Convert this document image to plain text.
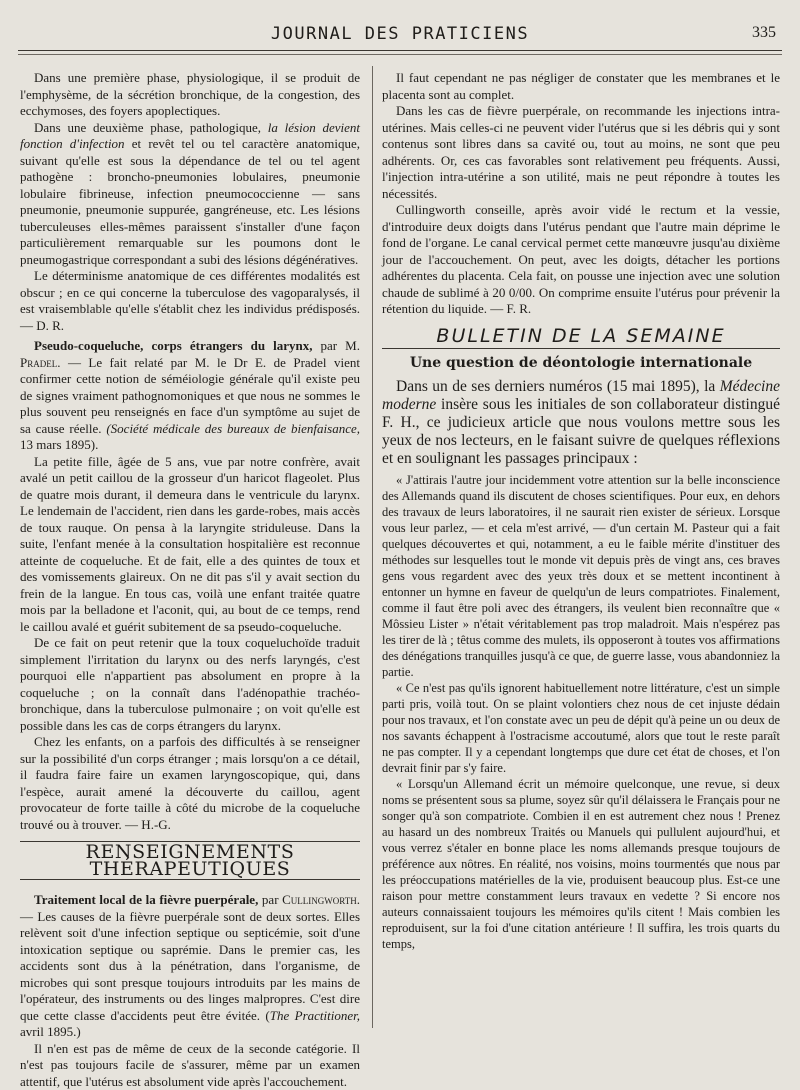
JOURNAL DES PRATICIENS	335

Dans une première phase, physiologique, il se produit de l'emphysème, de la sécrétion bronchique, de la congestion, des ecchymoses, des foyers apoplectiques.

Dans une deuxième phase, pathologique, la lésion devient fonction d'infection et revêt tel ou tel caractère anatomique, suivant qu'elle est sous la dépendance de tel ou tel agent pathogène : broncho-pneumonies lobulaires, pneumonie lobulaire fibrineuse, infection pneumococcienne — sans pneumonie, pneumonie suppurée, gangréneuse, etc. Les lésions tuberculeuses elles-mêmes paraissent s'installer d'une façon particulièrement remarquable sur les poumons dont le pneumogastrique correspondant a subi des lésions dégénératives.

Le déterminisme anatomique de ces différentes modalités est obscur ; en ce qui concerne la tuberculose des vagoparalysés, il est vraisemblable qu'elle s'établit chez les individus prédisposés. — D. R.

Pseudo-coqueluche, corps étrangers du larynx, par M. Pradel. — Le fait relaté par M. le Dr E. de Pradel vient confirmer cette notion de séméiologie générale qu'il existe peu de signes vraiment pathognomoniques et que nous ne sommes le plus souvent peu renseignés en face d'un symptôme au sujet de sa cause réelle. (Société médicale des bureaux de bienfaisance, 13 mars 1895).

La petite fille, âgée de 5 ans, vue par notre confrère, avait avalé un petit caillou de la grosseur d'un haricot flageolet. Plus de quatre mois durant, il demeura dans le ventricule du larynx. Le lendemain de l'accident, rien dans les garde-robes, mais accès de toux rauque. On pensa à la laryngite striduleuse. Dans la suite, l'enfant menée à la consultation hospitalière est reconnue atteinte de coqueluche. Et de fait, elle a des quintes de toux et des vomissements glaireux. On ne dit pas s'il y avait section du frein de la langue. En tous cas, voilà une enfant traitée quatre mois par la belladone et l'aconit, qui, au bout de ce temps, rend le caillou avalé et guérit subitement de sa pseudo-coqueluche.

De ce fait on peut retenir que la toux coqueluchoïde traduit simplement l'irritation du larynx ou des nerfs laryngés, c'est pourquoi elle n'appartient pas absolument en propre à la coqueluche ; on la connaît dans l'adénopathie trachéo-bronchique, dans la tuberculose pulmonaire ; on voit qu'elle est possible dans les cas de corps étrangers du larynx.

Chez les enfants, on a parfois des difficultés à se renseigner sur la possibilité d'un corps étranger ; mais lorsqu'on a ce détail, il faudra faire faire un examen laryngoscopique, qui, dans l'espèce, aurait amené la découverte du caillou, agent provocateur de forte taille à côté du microbe de la coqueluche trouvé ou à trouver. — H.-G.

RENSEIGNEMENTS THÉRAPEUTIQUES

Traitement local de la fièvre puerpérale, par Cullingworth. — Les causes de la fièvre puerpérale sont de deux sortes. Elles relèvent soit d'une infection septique ou septicémie, soit d'une intoxication septique ou saprémie. Dans le premier cas, les accidents sont dus à la pénétration, dans l'organisme, de microbes qui sont presque toujours introduits par les mains de l'opérateur, des instruments ou des linges malpropres. C'est dire que cette classe d'accidents peut être évitée. (The Practitioner, avril 1895.)

Il n'en est pas de même de ceux de la seconde catégorie. Il n'est pas toujours facile de s'assurer, même par un examen attentif, que l'utérus est absolument vide après l'accouchement.

Il faut cependant ne pas négliger de constater que les membranes et le placenta sont au complet.

Dans les cas de fièvre puerpérale, on recommande les injections intra-utérines. Mais celles-ci ne peuvent vider l'utérus que si les débris qui y sont contenus sont libres dans sa cavité ou, tout au moins, ne sont que peu adhérents. Or, ces cas favorables sont relativement peu fréquents. Aussi, l'injection intra-utérine a son utilité, mais ne peut répondre à toutes les nécessités.

Cullingworth conseille, après avoir vidé le rectum et la vessie, d'introduire deux doigts dans l'utérus pendant que l'autre main déprime le fond de l'organe. Le canal cervical permet cette manœuvre jusqu'au dixième jour de l'accouchement. On peut, avec les doigts, détacher les portions adhérentes du placenta. Cela fait, on pousse une injection avec une solution chaude de sublimé à 20 0/00. On comprime ensuite l'utérus pour prévenir la rétention du liquide. — F. R.

BULLETIN DE LA SEMAINE
Une question de déontologie internationale

Dans un de ses derniers numéros (15 mai 1895), la Médecine moderne insère sous les initiales de son collaborateur distingué F. H., ce judicieux article que nous voulons mettre sous les yeux de nos lecteurs, en le faisant suivre de quelques réflexions et en soulignant les passages principaux :

« J'attirais l'autre jour incidemment votre attention sur la belle inconscience des Allemands quand ils discutent de choses scientifiques. Pour eux, en dehors des travaux de leurs laboratoires, il ne saurait rien exister de sérieux. Lorsque vous leur parlez, — et cela m'est arrivé, — d'un certain M. Pasteur qui a fait quelques découvertes et qui, notamment, a eu le faible mérite d'instituer des méthodes sur lesquelles tout le monde vit depuis près de vingt ans, ces braves gens vous regardent avec des yeux très doux et se mettent incontinent à entonner un hymne en faveur de quelqu'un de leurs compatriotes. Finalement, comme il faut être poli avec des étrangers, ils veulent bien reconnaître que « Môssieu Lister » n'était véritablement pas trop maladroit. Mais n'espérez pas les tirer de là ; têtus comme des mulets, ils opposeront à toutes vos affirmations des dénégations tranquilles jusqu'à ce que, de guerre lasse, vous abandonniez la partie.

« Ce n'est pas qu'ils ignorent habituellement notre littérature, c'est un simple parti pris, voilà tout. On se plaint volontiers chez nous de cet injuste dédain pour nos travaux, et l'on constate avec un peu de dépit qu'à peine un ou deux de nos savants échappent à l'ostracisme accoutumé, alors que tout le reste paraît ne pas compter. Il y a cependant longtemps que dure cet état de choses, et l'on devrait finir par s'y faire.

« Lorsqu'un Allemand écrit un mémoire quelconque, une revue, si deux noms se présentent sous sa plume, soyez sûr qu'il délaissera le Français pour ne songer qu'à son compatriote. Combien il en est autrement chez nous ! Prenez au hasard un des nombreux Traités ou Manuels qui pullulent aujourd'hui, et vous verrez s'étaler en bonne place les noms allemands presque toujours de préférence aux nôtres. En réalité, nos voisins, moins tourmentés que nous par les préoccupations matérielles de la vie, produisent beaucoup plus. Est-ce une raison pour mettre constamment leurs travaux en vedette ? Si encore nos auteurs connaissaient toujours les mémoires qu'ils citent ! Mais combien les reproduisent, sur la foi d'une citation antérieure ! Il suffira, les trois quarts du temps,
